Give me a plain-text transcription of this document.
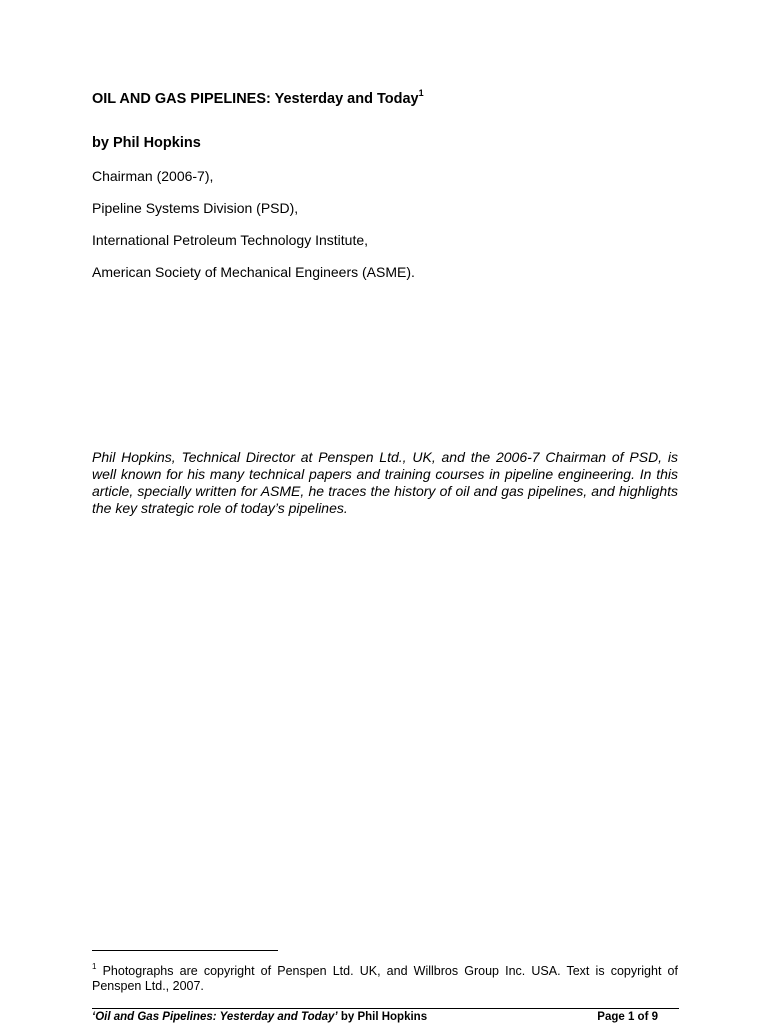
OIL AND GAS PIPELINES: Yesterday and Today$^1$
by Phil Hopkins
Chairman (2006-7),
Pipeline Systems Division (PSD),
International Petroleum Technology Institute,
American Society of Mechanical Engineers (ASME).
Phil Hopkins, Technical Director at Penspen Ltd., UK, and the 2006-7 Chairman of PSD, is well known for his many technical papers and training courses in pipeline engineering. In this article, specially written for ASME, he traces the history of oil and gas pipelines, and highlights the key strategic role of today’s pipelines.
$^1$ Photographs are copyright of Penspen Ltd. UK, and Willbros Group Inc. USA. Text is copyright of Penspen Ltd., 2007.
‘Oil and Gas Pipelines: Yesterday and Today’ by Phil Hopkins	Page 1 of 9
